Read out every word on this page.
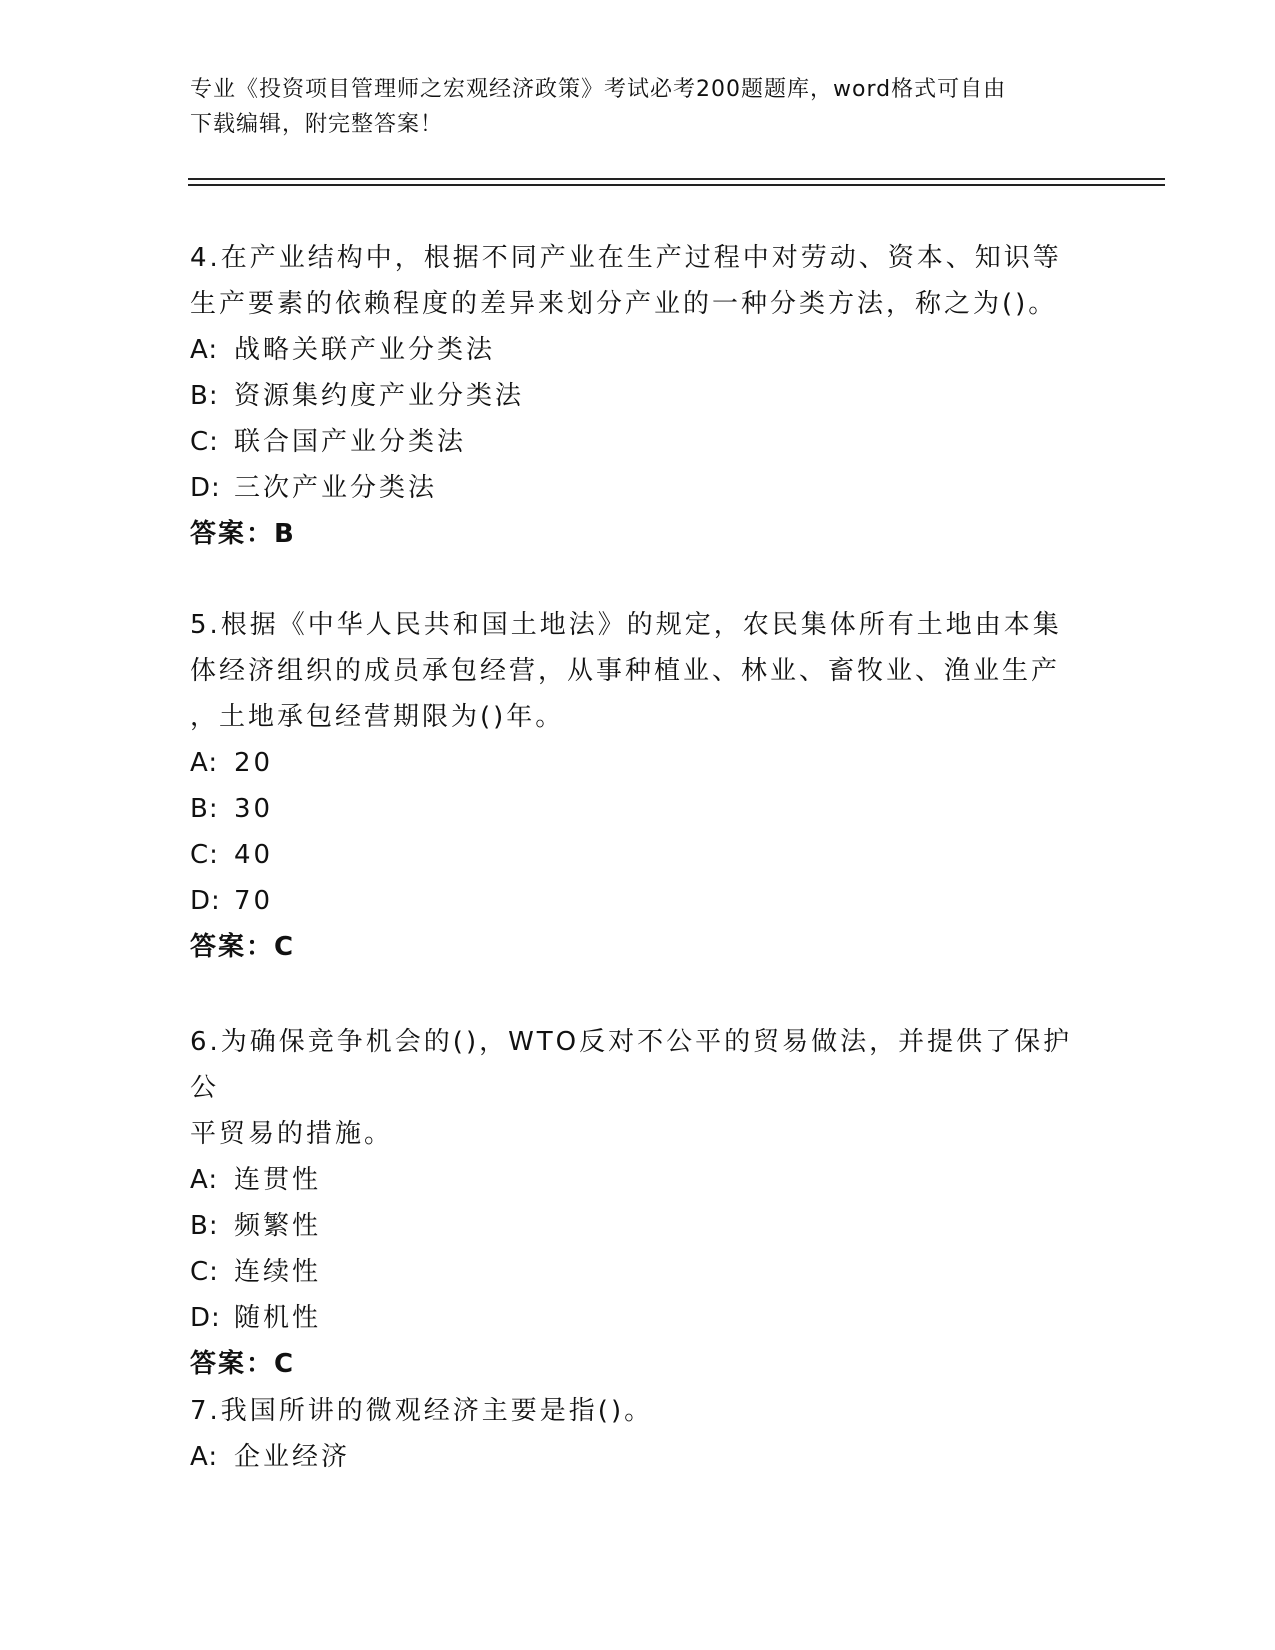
专业《投资项目管理师之宏观经济政策》考试必考200题题库，word格式可自由
下载编辑，附完整答案！
4.在产业结构中，根据不同产业在生产过程中对劳动、资本、知识等
生产要素的依赖程度的差异来划分产业的一种分类方法，称之为()。
A: 战略关联产业分类法
B: 资源集约度产业分类法
C: 联合国产业分类法
D: 三次产业分类法
答案：B
5.根据《中华人民共和国土地法》的规定，农民集体所有土地由本集
体经济组织的成员承包经营，从事种植业、林业、畜牧业、渔业生产
，土地承包经营期限为()年。
A: 20
B: 30
C: 40
D: 70
答案：C
6.为确保竞争机会的()，WTO反对不公平的贸易做法，并提供了保护公
平贸易的措施。
A: 连贯性
B: 频繁性
C: 连续性
D: 随机性
答案：C
7.我国所讲的微观经济主要是指()。
A: 企业经济
